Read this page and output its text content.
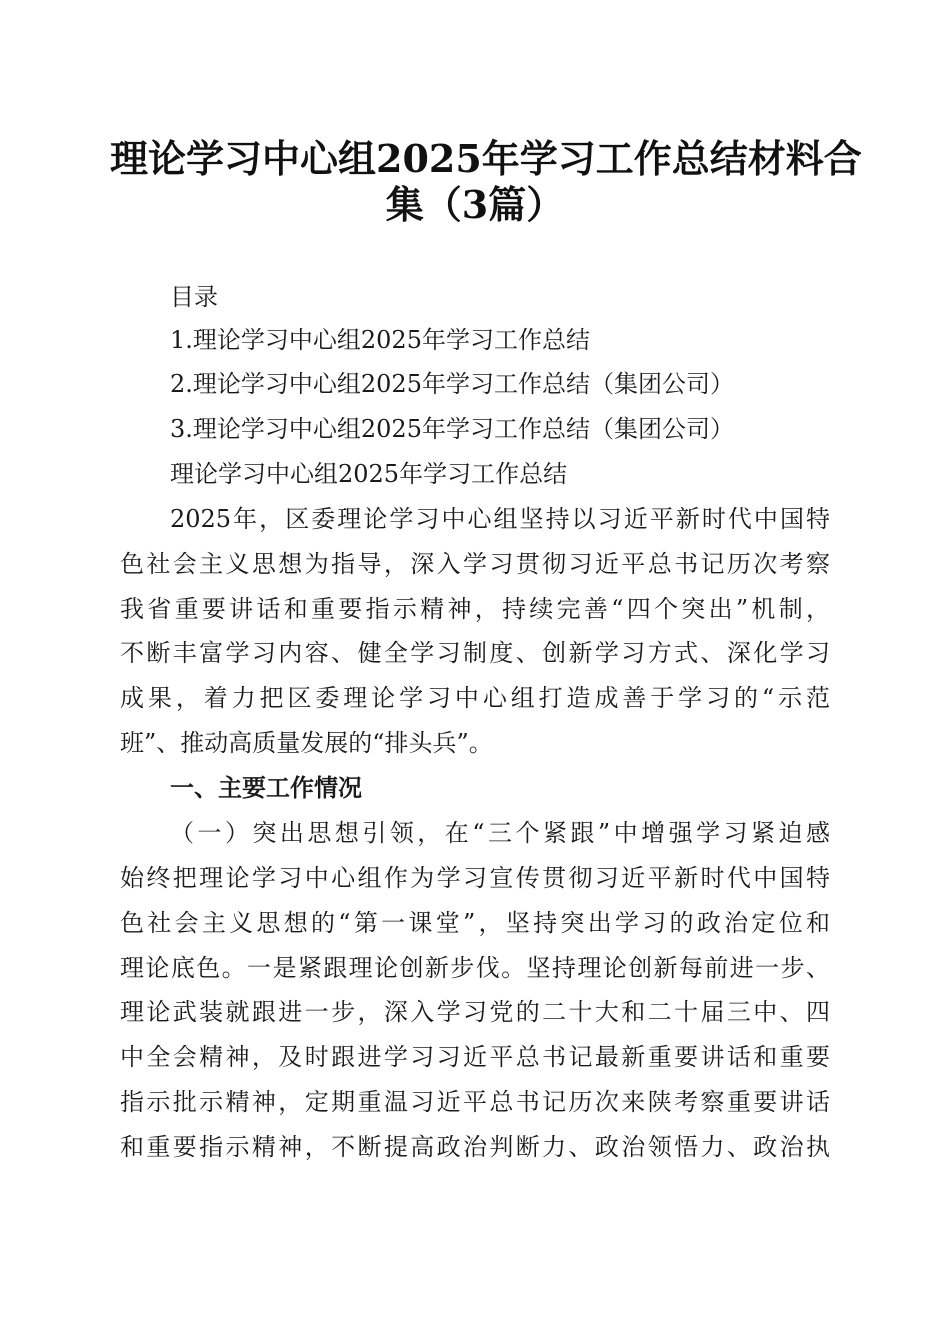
理论学习中心组2025年学习工作总结材料合
集（3篇）
目录
1.理论学习中心组2025年学习工作总结
2.理论学习中心组2025年学习工作总结（集团公司）
3.理论学习中心组2025年学习工作总结（集团公司）
理论学习中心组2025年学习工作总结
2025年，区委理论学习中心组坚持以习近平新时代中国特
色社会主义思想为指导，深入学习贯彻习近平总书记历次考察
我省重要讲话和重要指示精神，持续完善“四个突出”机制，
不断丰富学习内容、健全学习制度、创新学习方式、深化学习
成果，着力把区委理论学习中心组打造成善于学习的“示范
班”、推动高质量发展的“排头兵”。
一、主要工作情况
（一）突出思想引领，在“三个紧跟”中增强学习紧迫感
始终把理论学习中心组作为学习宣传贯彻习近平新时代中国特
色社会主义思想的“第一课堂”，坚持突出学习的政治定位和
理论底色。一是紧跟理论创新步伐。坚持理论创新每前进一步、
理论武装就跟进一步，深入学习党的二十大和二十届三中、四
中全会精神，及时跟进学习习近平总书记最新重要讲话和重要
指示批示精神，定期重温习近平总书记历次来陕考察重要讲话
和重要指示精神，不断提高政治判断力、政治领悟力、政治执
